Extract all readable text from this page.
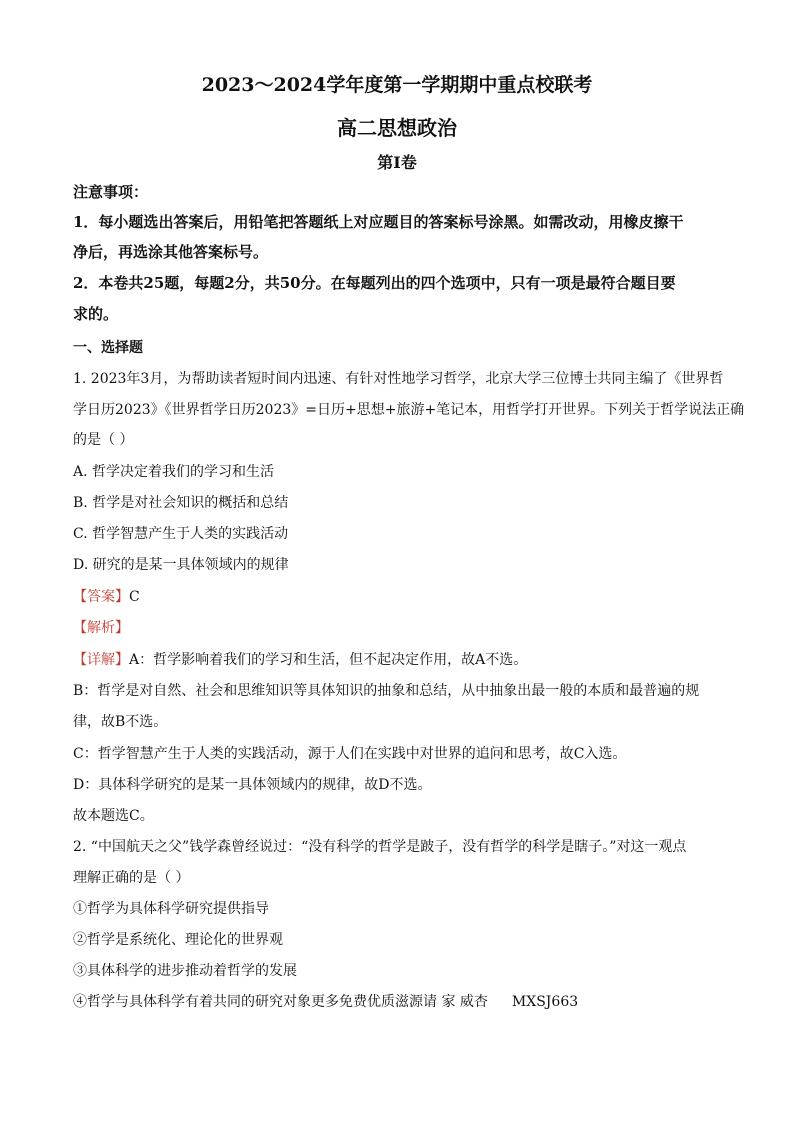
2023～2024学年度第一学期期中重点校联考
高二思想政治
第Ⅰ卷
注意事项：
1．每小题选出答案后，用铅笔把答题纸上对应题目的答案标号涂黑。如需改动，用橡皮擦干
净后，再选涂其他答案标号。
2．本卷共25题，每题2分，共50分。在每题列出的四个选项中，只有一项是最符合题目要
求的。
一、选择题
1. 2023年3月，为帮助读者短时间内迅速、有针对性地学习哲学，北京大学三位博士共同主编了《世界哲
学日历2023》《世界哲学日历2023》=日历+思想+旅游+笔记本，用哲学打开世界。下列关于哲学说法正确
的是（ ）
A. 哲学决定着我们的学习和生活
B. 哲学是对社会知识的概括和总结
C. 哲学智慧产生于人类的实践活动
D. 研究的是某一具体领域内的规律
【答案】C
【解析】
【详解】A：哲学影响着我们的学习和生活，但不起决定作用，故A不选。
B：哲学是对自然、社会和思维知识等具体知识的抽象和总结，从中抽象出最一般的本质和最普遍的规
律，故B不选。
C：哲学智慧产生于人类的实践活动，源于人们在实践中对世界的追问和思考，故C入选。
D：具体科学研究的是某一具体领域内的规律，故D不选。
故本题选C。
2. “中国航天之父”钱学森曾经说过：“没有科学的哲学是跛子，没有哲学的科学是瞎子。”对这一观点
理解正确的是（ ）
①哲学为具体科学研究提供指导
②哲学是系统化、理论化的世界观
③具体科学的进步推动着哲学的发展
④哲学与具体科学有着共同的研究对象更多免费优质滋源请 家 威杏 MXSJ663
